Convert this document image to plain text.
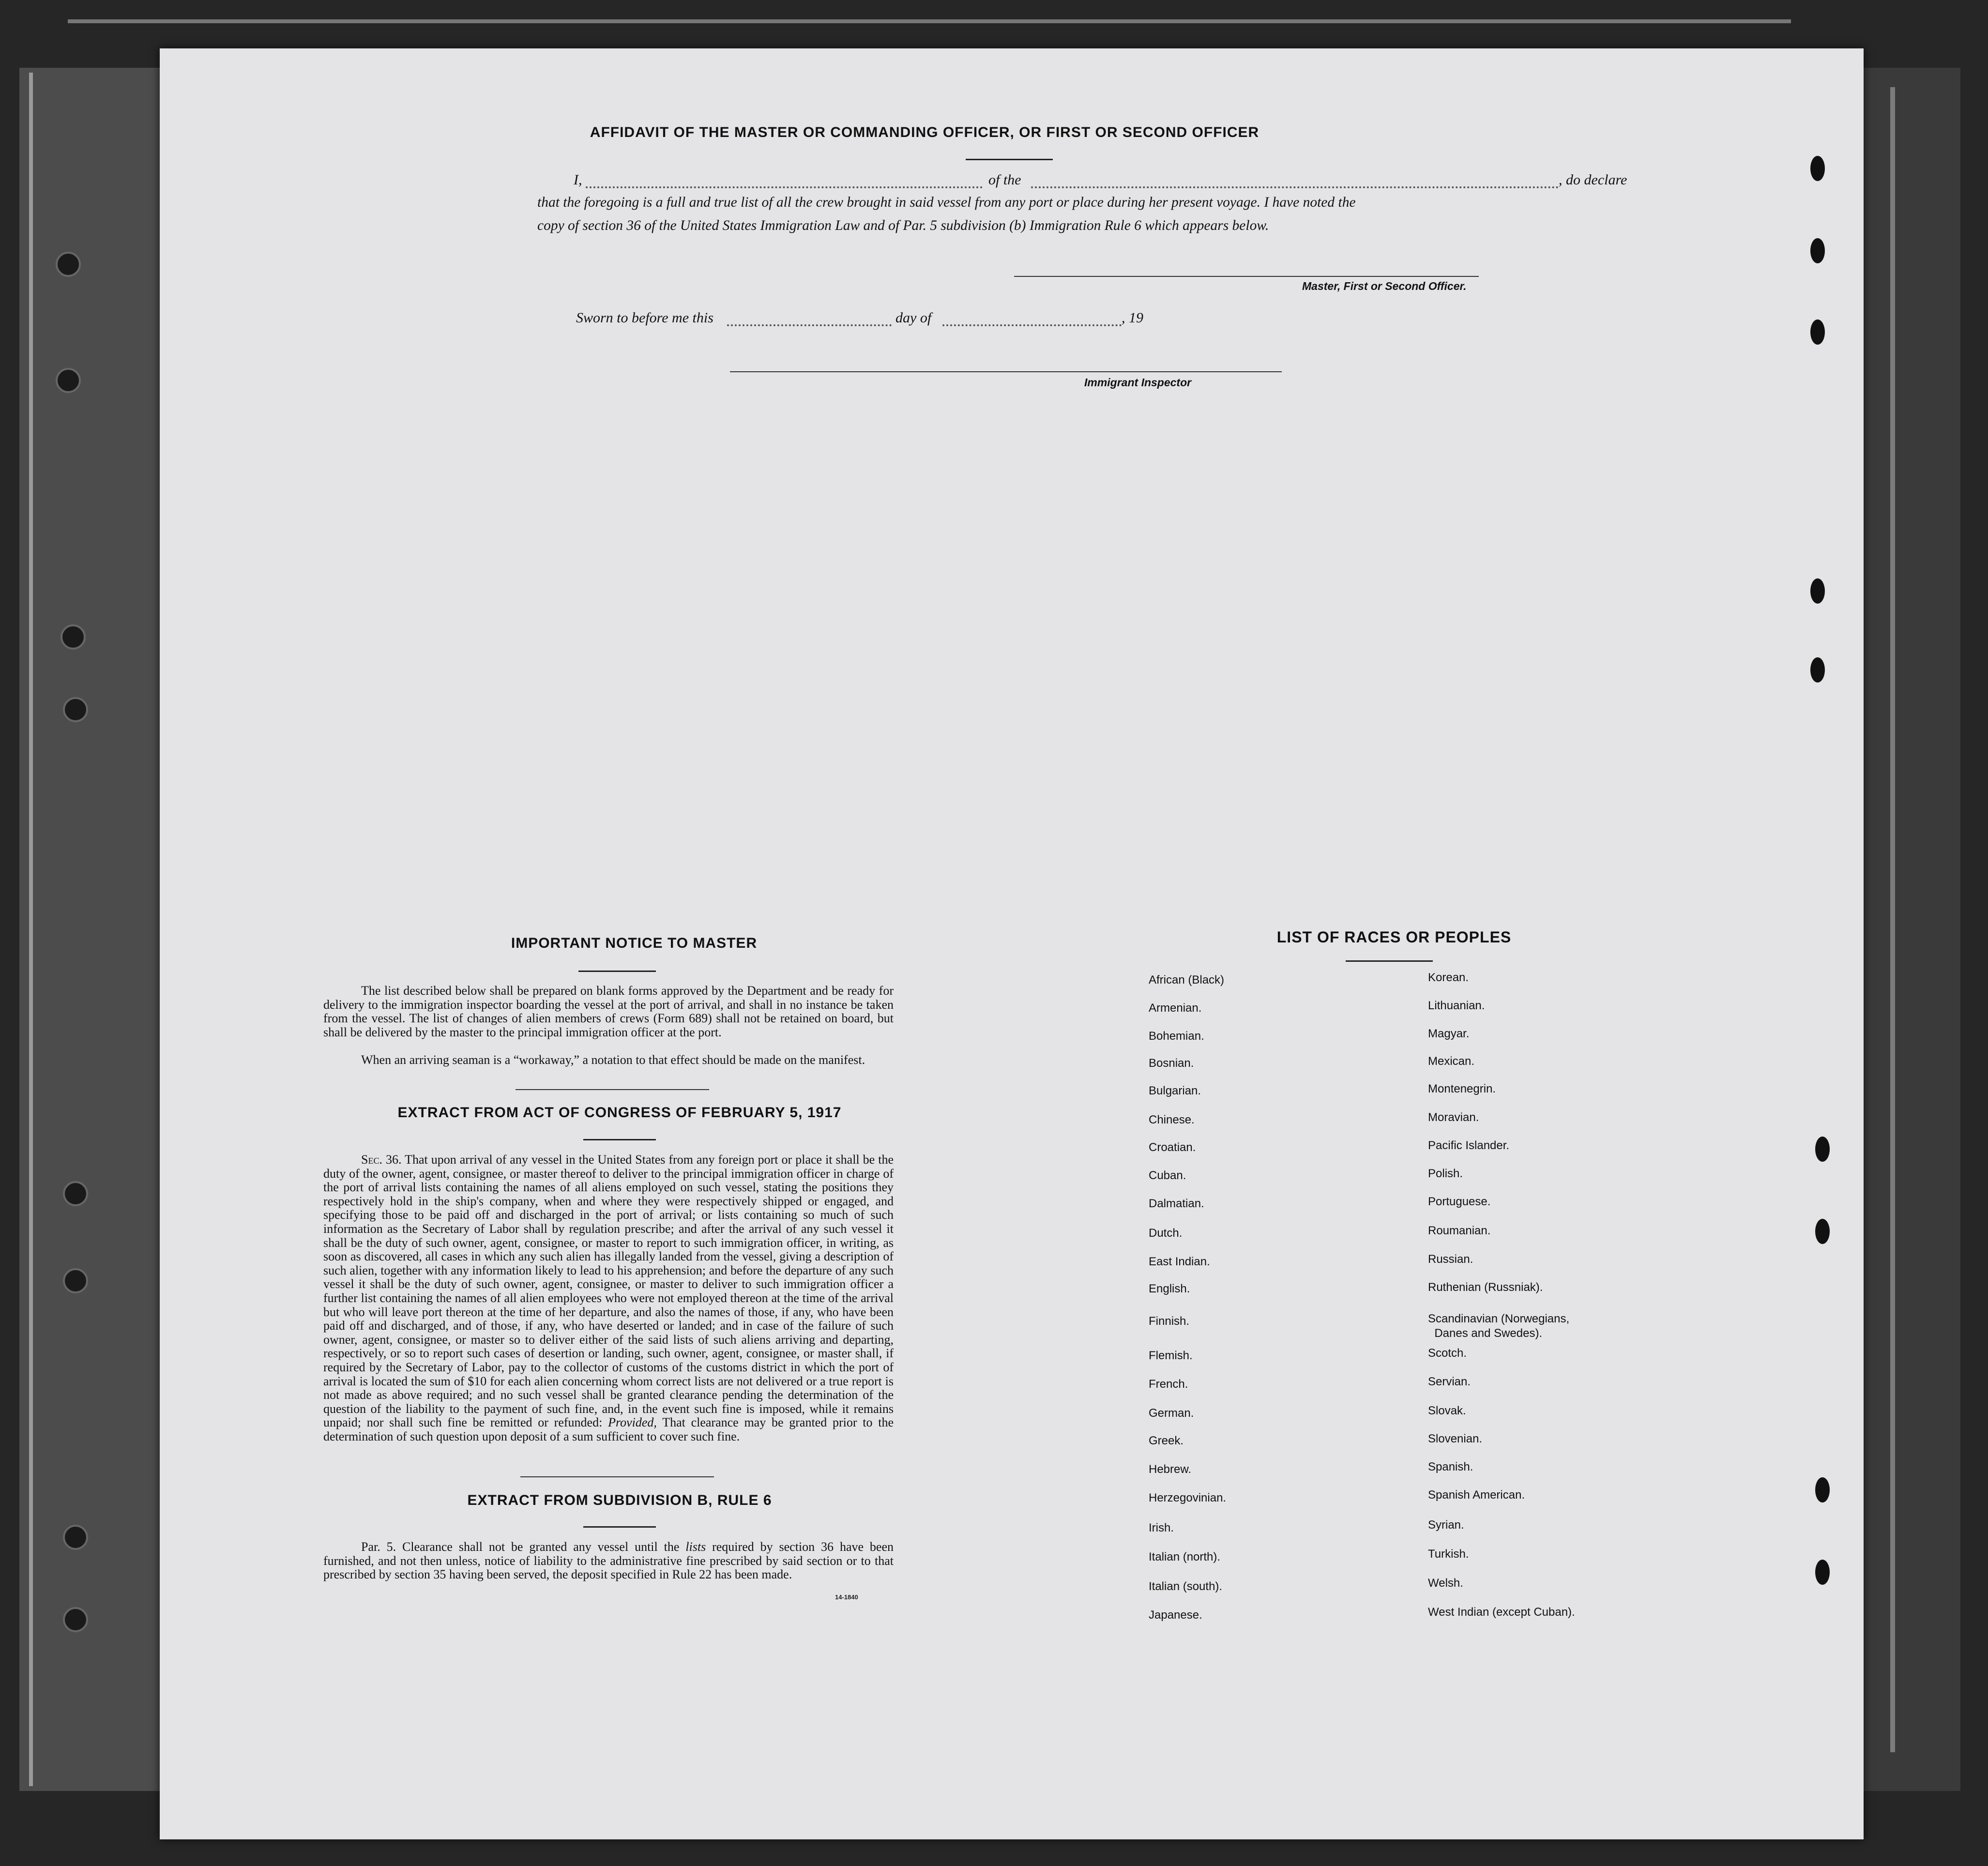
AFFIDAVIT OF THE MASTER OR COMMANDING OFFICER, OR FIRST OR SECOND OFFICER
I,	of the	, do declare
that the foregoing is a full and true list of all the crew brought in said vessel from any port or place during her present voyage. I have noted the
copy of section 36 of the United States Immigration Law and of Par. 5 subdivision (b) Immigration Rule 6 which appears below.
Master, First or Second Officer.
Sworn to before me this	day of	, 19
Immigrant Inspector
IMPORTANT NOTICE TO MASTER
The list described below shall be prepared on blank forms approved by the Department and be ready for delivery to the immigration inspector boarding the vessel at the port of arrival, and shall in no instance be taken from the vessel. The list of changes of alien members of crews (Form 689) shall not be retained on board, but shall be delivered by the master to the principal immigration officer at the port.
When an arriving seaman is a “workaway,” a notation to that effect should be made on the manifest.
EXTRACT FROM ACT OF CONGRESS OF FEBRUARY 5, 1917
Sec. 36. That upon arrival of any vessel in the United States from any foreign port or place it shall be the duty of the owner, agent, consignee, or master thereof to deliver to the principal immigration officer in charge of the port of arrival lists containing the names of all aliens employed on such vessel, stating the positions they respectively hold in the ship's company, when and where they were respectively shipped or engaged, and specifying those to be paid off and discharged in the port of arrival; or lists containing so much of such information as the Secretary of Labor shall by regulation prescribe; and after the arrival of any such vessel it shall be the duty of such owner, agent, consignee, or master to report to such immigration officer, in writing, as soon as discovered, all cases in which any such alien has illegally landed from the vessel, giving a description of such alien, together with any information likely to lead to his apprehension; and before the departure of any such vessel it shall be the duty of such owner, agent, consignee, or master to deliver to such immigration officer a further list containing the names of all alien employees who were not employed thereon at the time of the arrival but who will leave port thereon at the time of her departure, and also the names of those, if any, who have been paid off and discharged, and of those, if any, who have deserted or landed; and in case of the failure of such owner, agent, consignee, or master so to deliver either of the said lists of such aliens arriving and departing, respectively, or so to report such cases of desertion or landing, such owner, agent, consignee, or master shall, if required by the Secretary of Labor, pay to the collector of customs of the customs district in which the port of arrival is located the sum of $10 for each alien concerning whom correct lists are not delivered or a true report is not made as above required; and no such vessel shall be granted clearance pending the determination of the question of the liability to the payment of such fine, and, in the event such fine is imposed, while it remains unpaid; nor shall such fine be remitted or refunded: Provided, That clearance may be granted prior to the determination of such question upon deposit of a sum sufficient to cover such fine.
EXTRACT FROM SUBDIVISION B, RULE 6
Par. 5. Clearance shall not be granted any vessel until the lists required by section 36 have been furnished, and not then unless, notice of liability to the administrative fine prescribed by said section or to that prescribed by section 35 having been served, the deposit specified in Rule 22 has been made.
14-1840
LIST OF RACES OR PEOPLES
African (Black)
Armenian.
Bohemian.
Bosnian.
Bulgarian.
Chinese.
Croatian.
Cuban.
Dalmatian.
Dutch.
East Indian.
English.
Finnish.
Flemish.
French.
German.
Greek.
Hebrew.
Herzegovinian.
Irish.
Italian (north).
Italian (south).
Japanese.
Korean.
Lithuanian.
Magyar.
Mexican.
Montenegrin.
Moravian.
Pacific Islander.
Polish.
Portuguese.
Roumanian.
Russian.
Ruthenian (Russniak).
Scandinavian (Norwegians,
Danes and Swedes).
Scotch.
Servian.
Slovak.
Slovenian.
Spanish.
Spanish American.
Syrian.
Turkish.
Welsh.
West Indian (except Cuban).
